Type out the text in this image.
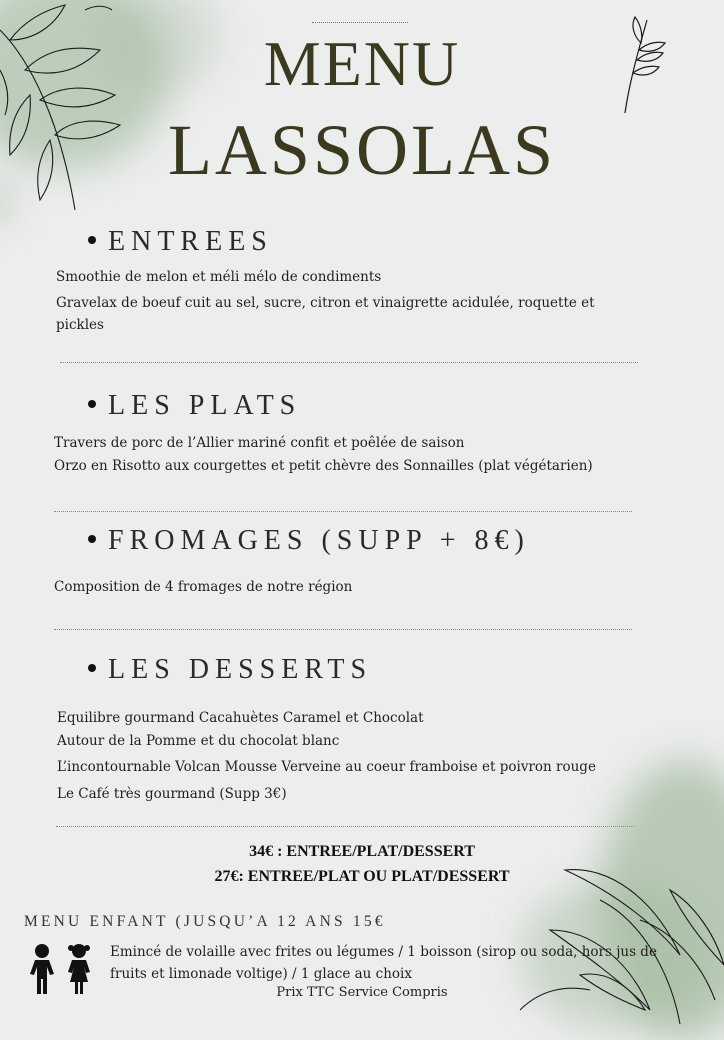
MENU
LASSOLAS
ENTREES
Smoothie de melon et méli mélo de condiments
Gravelax de boeuf cuit au sel, sucre, citron et vinaigrette acidulée, roquette et
pickles
LES PLATS
Travers de porc de l’Allier mariné confit et poêlée de saison
Orzo en Risotto aux courgettes et petit chèvre des Sonnailles (plat végétarien)
FROMAGES (SUPP + 8€)
Composition de 4 fromages de notre région
LES DESSERTS
Equilibre gourmand Cacahuètes Caramel et Chocolat
Autour de la Pomme et du chocolat blanc
L’incontournable Volcan Mousse Verveine au coeur framboise et poivron rouge
Le Café très gourmand (Supp 3€)
34€ : ENTREE/PLAT/DESSERT
27€: ENTREE/PLAT OU PLAT/DESSERT
MENU ENFANT (JUSQU’A 12 ANS 15€
Emincé de volaille avec frites ou légumes / 1 boisson (sirop ou soda, hors jus de
fruits et limonade voltige) / 1 glace au choix
Prix TTC Service Compris
